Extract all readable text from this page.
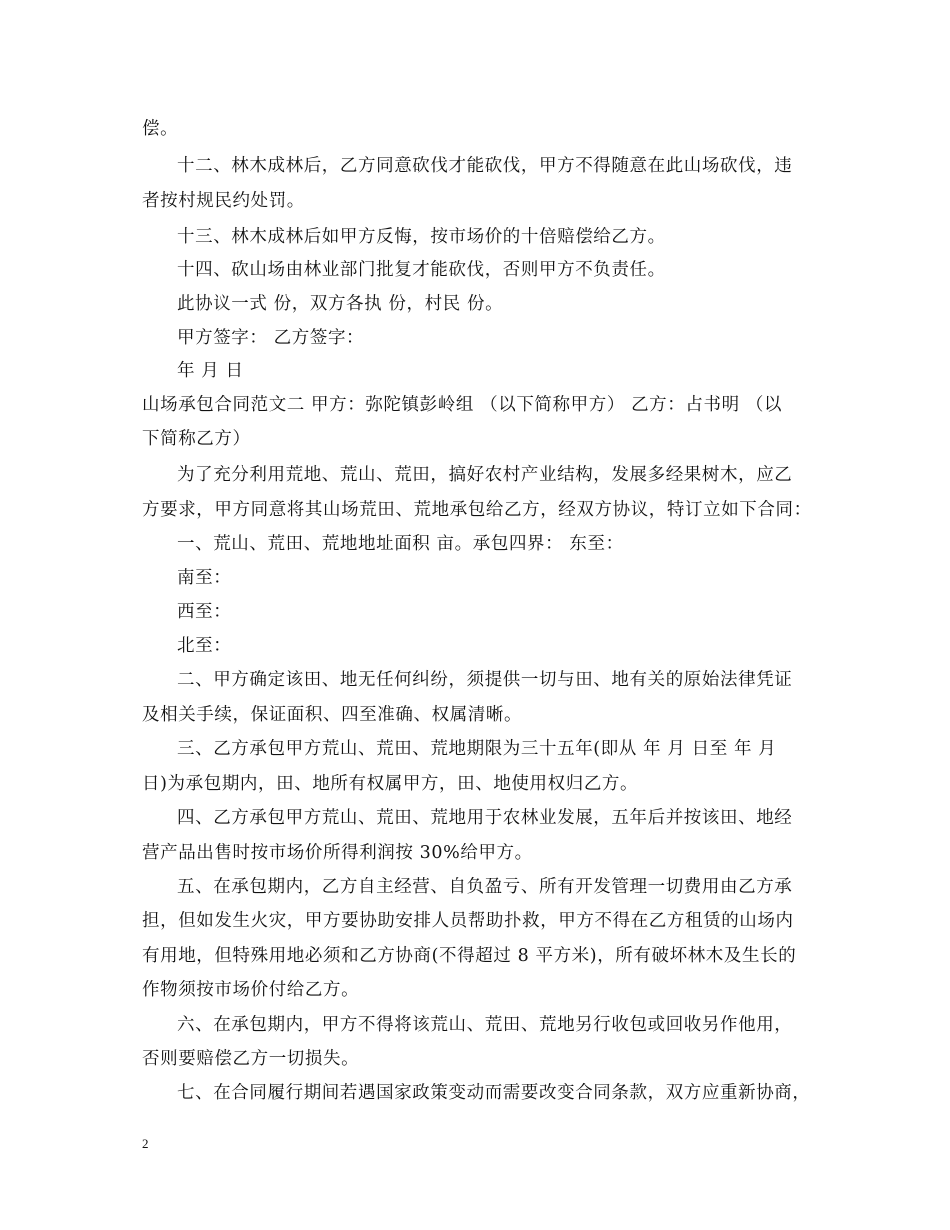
偿。
十二、林木成林后，乙方同意砍伐才能砍伐，甲方不得随意在此山场砍伐，违
者按村规民约处罚。
十三、林木成林后如甲方反悔，按市场价的十倍赔偿给乙方。
十四、砍山场由林业部门批复才能砍伐，否则甲方不负责任。
此协议一式 份，双方各执 份，村民 份。
甲方签字： 乙方签字：
年 月 日
山场承包合同范文二 甲方：弥陀镇彭岭组 （以下简称甲方） 乙方：占书明 （以
下简称乙方）
为了充分利用荒地、荒山、荒田，搞好农村产业结构，发展多经果树木，应乙
方要求，甲方同意将其山场荒田、荒地承包给乙方，经双方协议，特订立如下合同：
一、荒山、荒田、荒地地址面积 亩。承包四界： 东至：
南至：
西至：
北至：
二、甲方确定该田、地无任何纠纷，须提供一切与田、地有关的原始法律凭证
及相关手续，保证面积、四至准确、权属清晰。
三、乙方承包甲方荒山、荒田、荒地期限为三十五年(即从 年 月 日至 年 月
日)为承包期内，田、地所有权属甲方，田、地使用权归乙方。
四、乙方承包甲方荒山、荒田、荒地用于农林业发展，五年后并按该田、地经
营产品出售时按市场价所得利润按 30%给甲方。
五、在承包期内，乙方自主经营、自负盈亏、所有开发管理一切费用由乙方承
担，但如发生火灾，甲方要协助安排人员帮助扑救，甲方不得在乙方租赁的山场内
有用地，但特殊用地必须和乙方协商(不得超过 8 平方米)，所有破坏林木及生长的
作物须按市场价付给乙方。
六、在承包期内，甲方不得将该荒山、荒田、荒地另行收包或回收另作他用，
否则要赔偿乙方一切损失。
七、在合同履行期间若遇国家政策变动而需要改变合同条款，双方应重新协商，
2
